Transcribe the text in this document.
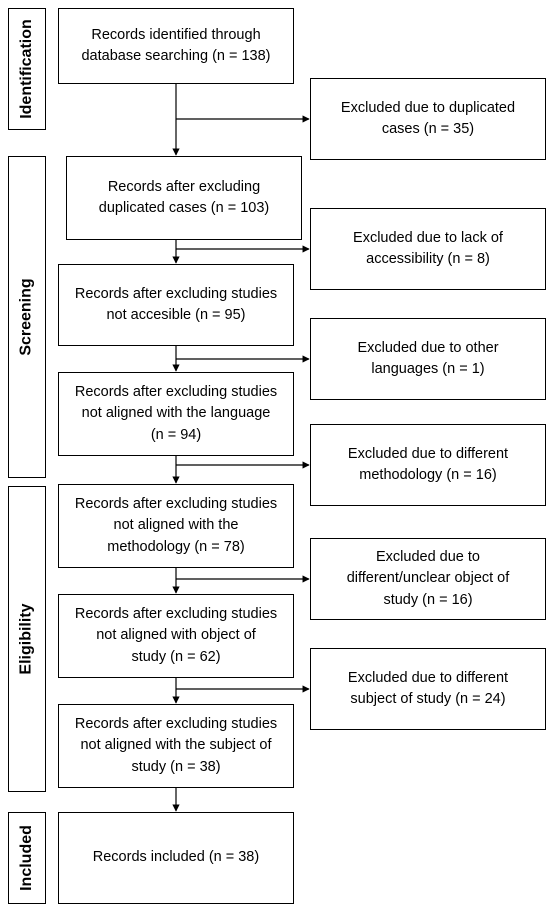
Identification
Screening
Eligibility
Included
Records identified through
database searching (n = 138)
Records after excluding
duplicated cases (n = 103)
Records after excluding studies
not accesible (n = 95)
Records after excluding studies
not aligned with the language
(n = 94)
Records after excluding studies
not aligned with the
methodology (n = 78)
Records after excluding studies
not aligned with object of
study (n = 62)
Records after excluding studies
not aligned with the subject of
study (n = 38)
Records included (n = 38)
Excluded due to duplicated
cases (n = 35)
Excluded due to lack of
accessibility (n = 8)
Excluded due to other
languages (n = 1)
Excluded due to different
methodology (n = 16)
Excluded due to
different/unclear object of
study (n = 16)
Excluded due to different
subject of study (n = 24)
